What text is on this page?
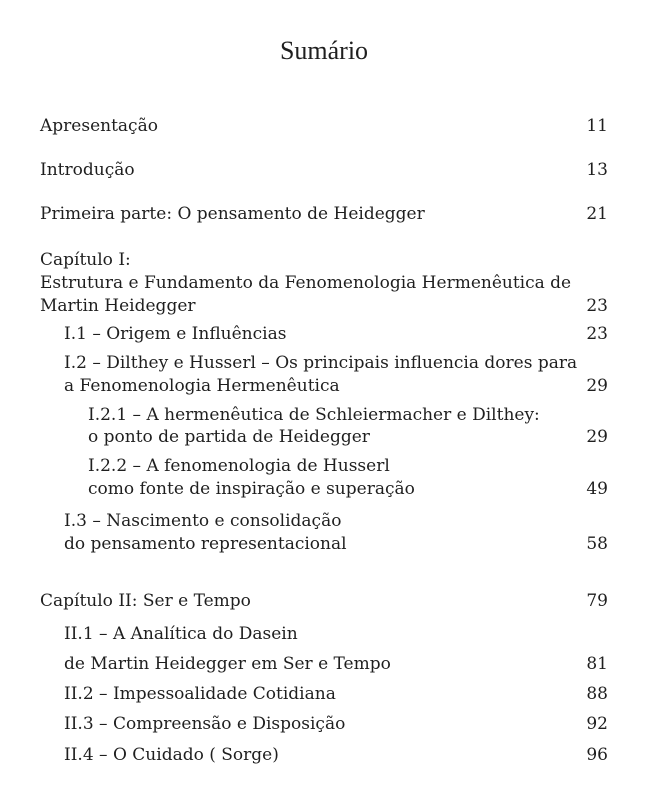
Sumário
Apresentação	11
Introdução	13
Primeira parte: O pensamento de Heidegger	21
Capítulo I:
Estrutura e Fundamento da Fenomenologia Hermenêutica de
Martin Heidegger	23
I.1 – Origem e Influências	23
I.2 – Dilthey e Husserl – Os principais influencia dores para
a Fenomenologia Hermenêutica	29
I.2.1 – A hermenêutica de Schleiermacher e Dilthey:
o ponto de partida de Heidegger	29
I.2.2 – A fenomenologia de Husserl
como fonte de inspiração e superação	49
I.3 – Nascimento e consolidação
do pensamento representacional	58
Capítulo II: Ser e Tempo	79
II.1 – A Analítica do Dasein
de Martin Heidegger em Ser e Tempo	81
II.2 – Impessoalidade Cotidiana	88
II.3 – Compreensão e Disposição	92
II.4 – O Cuidado ( Sorge)	96
